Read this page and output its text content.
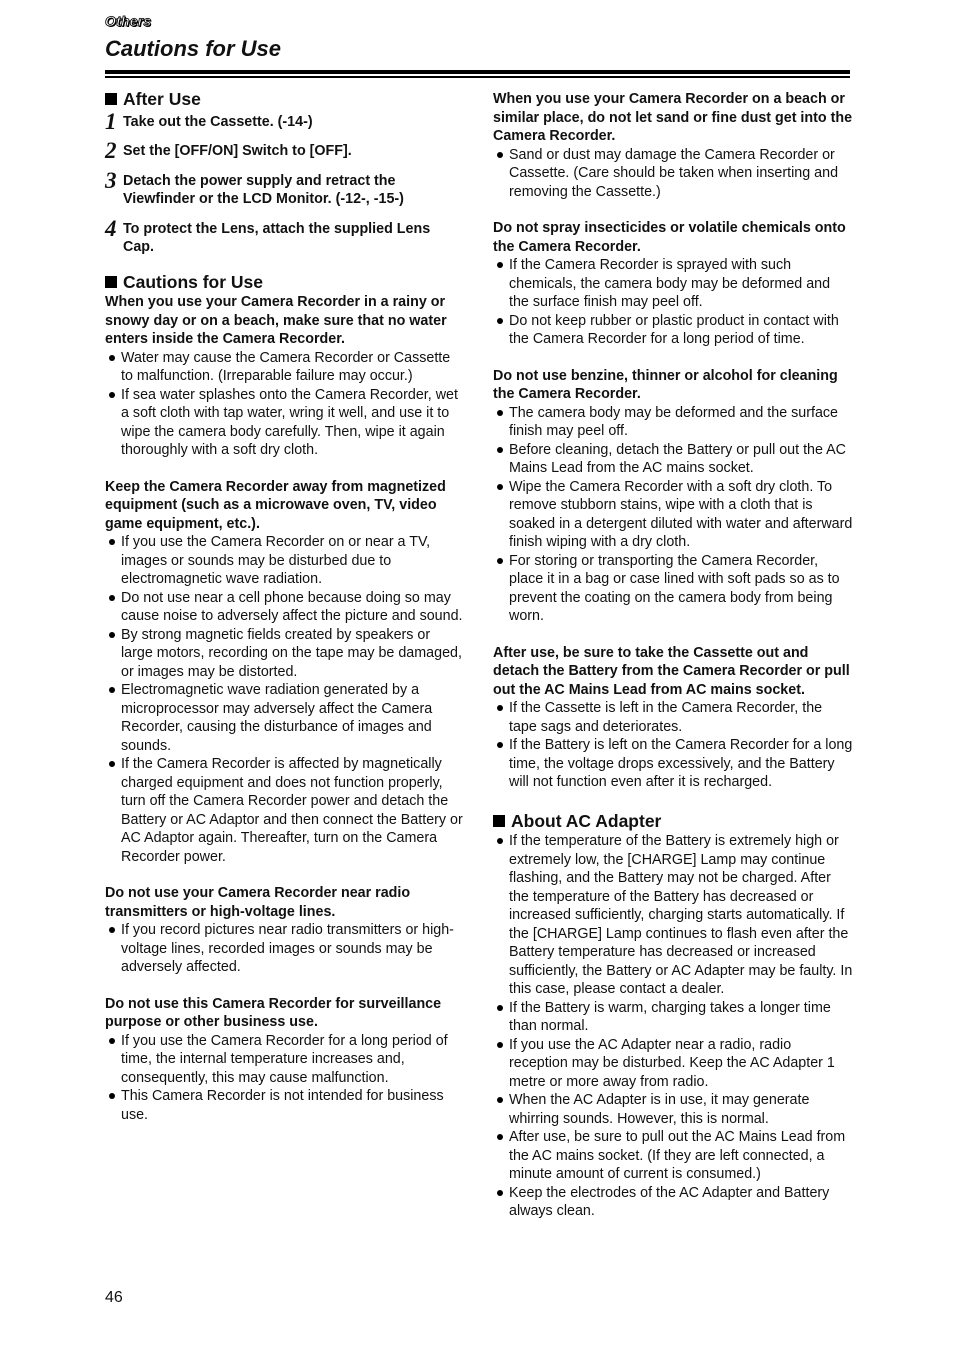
Others
Cautions for Use
After Use
1 Take out the Cassette. (-14-)
2 Set the [OFF/ON] Switch to [OFF].
3 Detach the power supply and retract the Viewfinder or the LCD Monitor. (-12-, -15-)
4 To protect the Lens, attach the supplied Lens Cap.
Cautions for Use

When you use your Camera Recorder in a rainy or snowy day or on a beach, make sure that no water enters inside the Camera Recorder.

Water may cause the Camera Recorder or Cassette to malfunction. (Irreparable failure may occur.)
If sea water splashes onto the Camera Recorder, wet a soft cloth with tap water, wring it well, and use it to wipe the camera body carefully. Then, wipe it again thoroughly with a soft dry cloth.

Keep the Camera Recorder away from magnetized equipment (such as a microwave oven, TV, video game equipment, etc.).

If you use the Camera Recorder on or near a TV, images or sounds may be disturbed due to electromagnetic wave radiation.
Do not use near a cell phone because doing so may cause noise to adversely affect the picture and sound.
By strong magnetic fields created by speakers or large motors, recording on the tape may be damaged, or images may be distorted.
Electromagnetic wave radiation generated by a microprocessor may adversely affect the Camera Recorder, causing the disturbance of images and sounds.
If the Camera Recorder is affected by magnetically charged equipment and does not function properly, turn off the Camera Recorder power and detach the Battery or AC Adaptor and then connect the Battery or AC Adaptor again. Thereafter, turn on the Camera Recorder power.

Do not use your Camera Recorder near radio transmitters or high-voltage lines.

If you record pictures near radio transmitters or high-voltage lines, recorded images or sounds may be adversely affected.

Do not use this Camera Recorder for surveillance purpose or other business use.

If you use the Camera Recorder for a long period of time, the internal temperature increases and, consequently, this may cause malfunction.
This Camera Recorder is not intended for business use.

When you use your Camera Recorder on a beach or similar place, do not let sand or fine dust get into the Camera Recorder.

Sand or dust may damage the Camera Recorder or Cassette. (Care should be taken when inserting and removing the Cassette.)

Do not spray insecticides or volatile chemicals onto the Camera Recorder.

If the Camera Recorder is sprayed with such chemicals, the camera body may be deformed and the surface finish may peel off.
Do not keep rubber or plastic product in contact with the Camera Recorder for a long period of time.

Do not use benzine, thinner or alcohol for cleaning the Camera Recorder.

The camera body may be deformed and the surface finish may peel off.
Before cleaning, detach the Battery or pull out the AC Mains Lead from the AC mains socket.
Wipe the Camera Recorder with a soft dry cloth. To remove stubborn stains, wipe with a cloth that is soaked in a detergent diluted with water and afterward finish wiping with a dry cloth.
For storing or transporting the Camera Recorder, place it in a bag or case lined with soft pads so as to prevent the coating on the camera body from being worn.

After use, be sure to take the Cassette out and detach the Battery from the Camera Recorder or pull out the AC Mains Lead from AC mains socket.

If the Cassette is left in the Camera Recorder, the tape sags and deteriorates.
If the Battery is left on the Camera Recorder for a long time, the voltage drops excessively, and the Battery will not function even after it is recharged.
About AC Adapter
If the temperature of the Battery is extremely high or extremely low, the [CHARGE] Lamp may continue flashing, and the Battery may not be charged. After the temperature of the Battery has decreased or increased sufficiently, charging starts automatically. If the [CHARGE] Lamp continues to flash even after the Battery temperature has decreased or increased sufficiently, the Battery or AC Adapter may be faulty. In this case, please contact a dealer.
If the Battery is warm, charging takes a longer time than normal.
If you use the AC Adapter near a radio, radio reception may be disturbed. Keep the AC Adapter 1 metre or more away from radio.
When the AC Adapter is in use, it may generate whirring sounds. However, this is normal.
After use, be sure to pull out the AC Mains Lead from the AC mains socket. (If they are left connected, a minute amount of current is consumed.)
Keep the electrodes of the AC Adapter and Battery always clean.
46
